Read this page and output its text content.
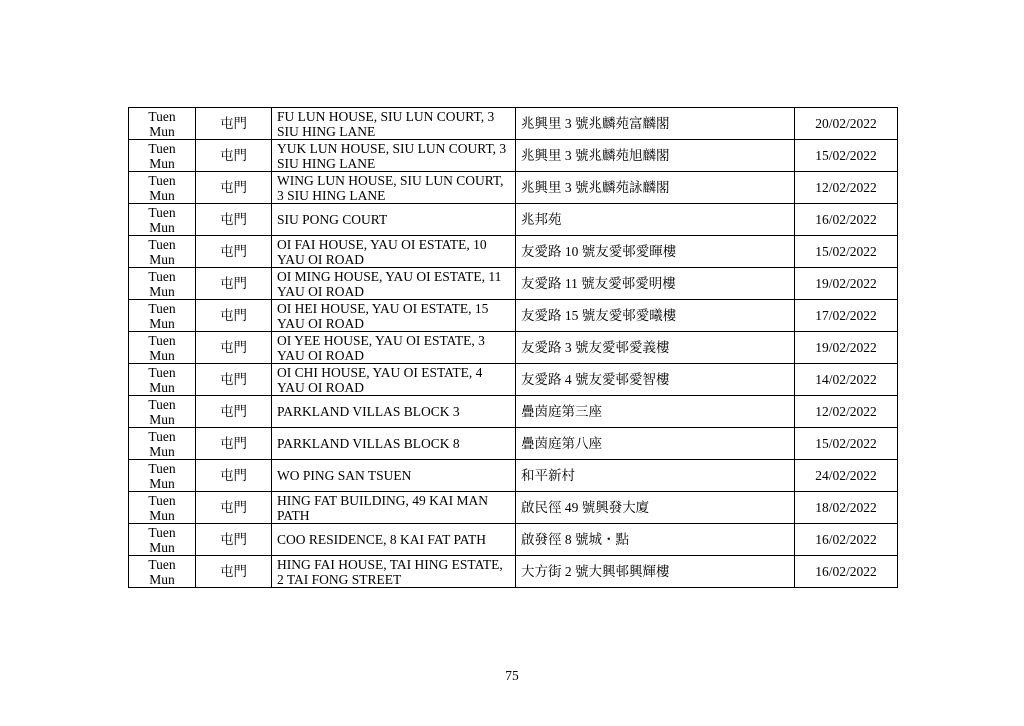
Tuen Mun	屯門	FU LUN HOUSE, SIU LUN COURT, 3 SIU HING LANE	兆興里 3 號兆麟苑富麟閣	20/02/2022
Tuen Mun	屯門	YUK LUN HOUSE, SIU LUN COURT, 3 SIU HING LANE	兆興里 3 號兆麟苑旭麟閣	15/02/2022
Tuen Mun	屯門	WING LUN HOUSE, SIU LUN COURT, 3 SIU HING LANE	兆興里 3 號兆麟苑詠麟閣	12/02/2022
Tuen Mun	屯門	SIU PONG COURT	兆邦苑	16/02/2022
Tuen Mun	屯門	OI FAI HOUSE, YAU OI ESTATE, 10 YAU OI ROAD	友愛路 10 號友愛邨愛暉樓	15/02/2022
Tuen Mun	屯門	OI MING HOUSE, YAU OI ESTATE, 11 YAU OI ROAD	友愛路 11 號友愛邨愛明樓	19/02/2022
Tuen Mun	屯門	OI HEI HOUSE, YAU OI ESTATE, 15 YAU OI ROAD	友愛路 15 號友愛邨愛曦樓	17/02/2022
Tuen Mun	屯門	OI YEE HOUSE, YAU OI ESTATE, 3 YAU OI ROAD	友愛路 3 號友愛邨愛義樓	19/02/2022
Tuen Mun	屯門	OI CHI HOUSE, YAU OI ESTATE, 4 YAU OI ROAD	友愛路 4 號友愛邨愛智樓	14/02/2022
Tuen Mun	屯門	PARKLAND VILLAS BLOCK 3	疊茵庭第三座	12/02/2022
Tuen Mun	屯門	PARKLAND VILLAS BLOCK 8	疊茵庭第八座	15/02/2022
Tuen Mun	屯門	WO PING SAN TSUEN	和平新村	24/02/2022
Tuen Mun	屯門	HING FAT BUILDING, 49 KAI MAN PATH	啟民徑 49 號興發大廈	18/02/2022
Tuen Mun	屯門	COO RESIDENCE, 8 KAI FAT PATH	啟發徑 8 號城・點	16/02/2022
Tuen Mun	屯門	HING FAI HOUSE, TAI HING ESTATE, 2 TAI FONG STREET	大方街 2 號大興邨興輝樓	16/02/2022
75
